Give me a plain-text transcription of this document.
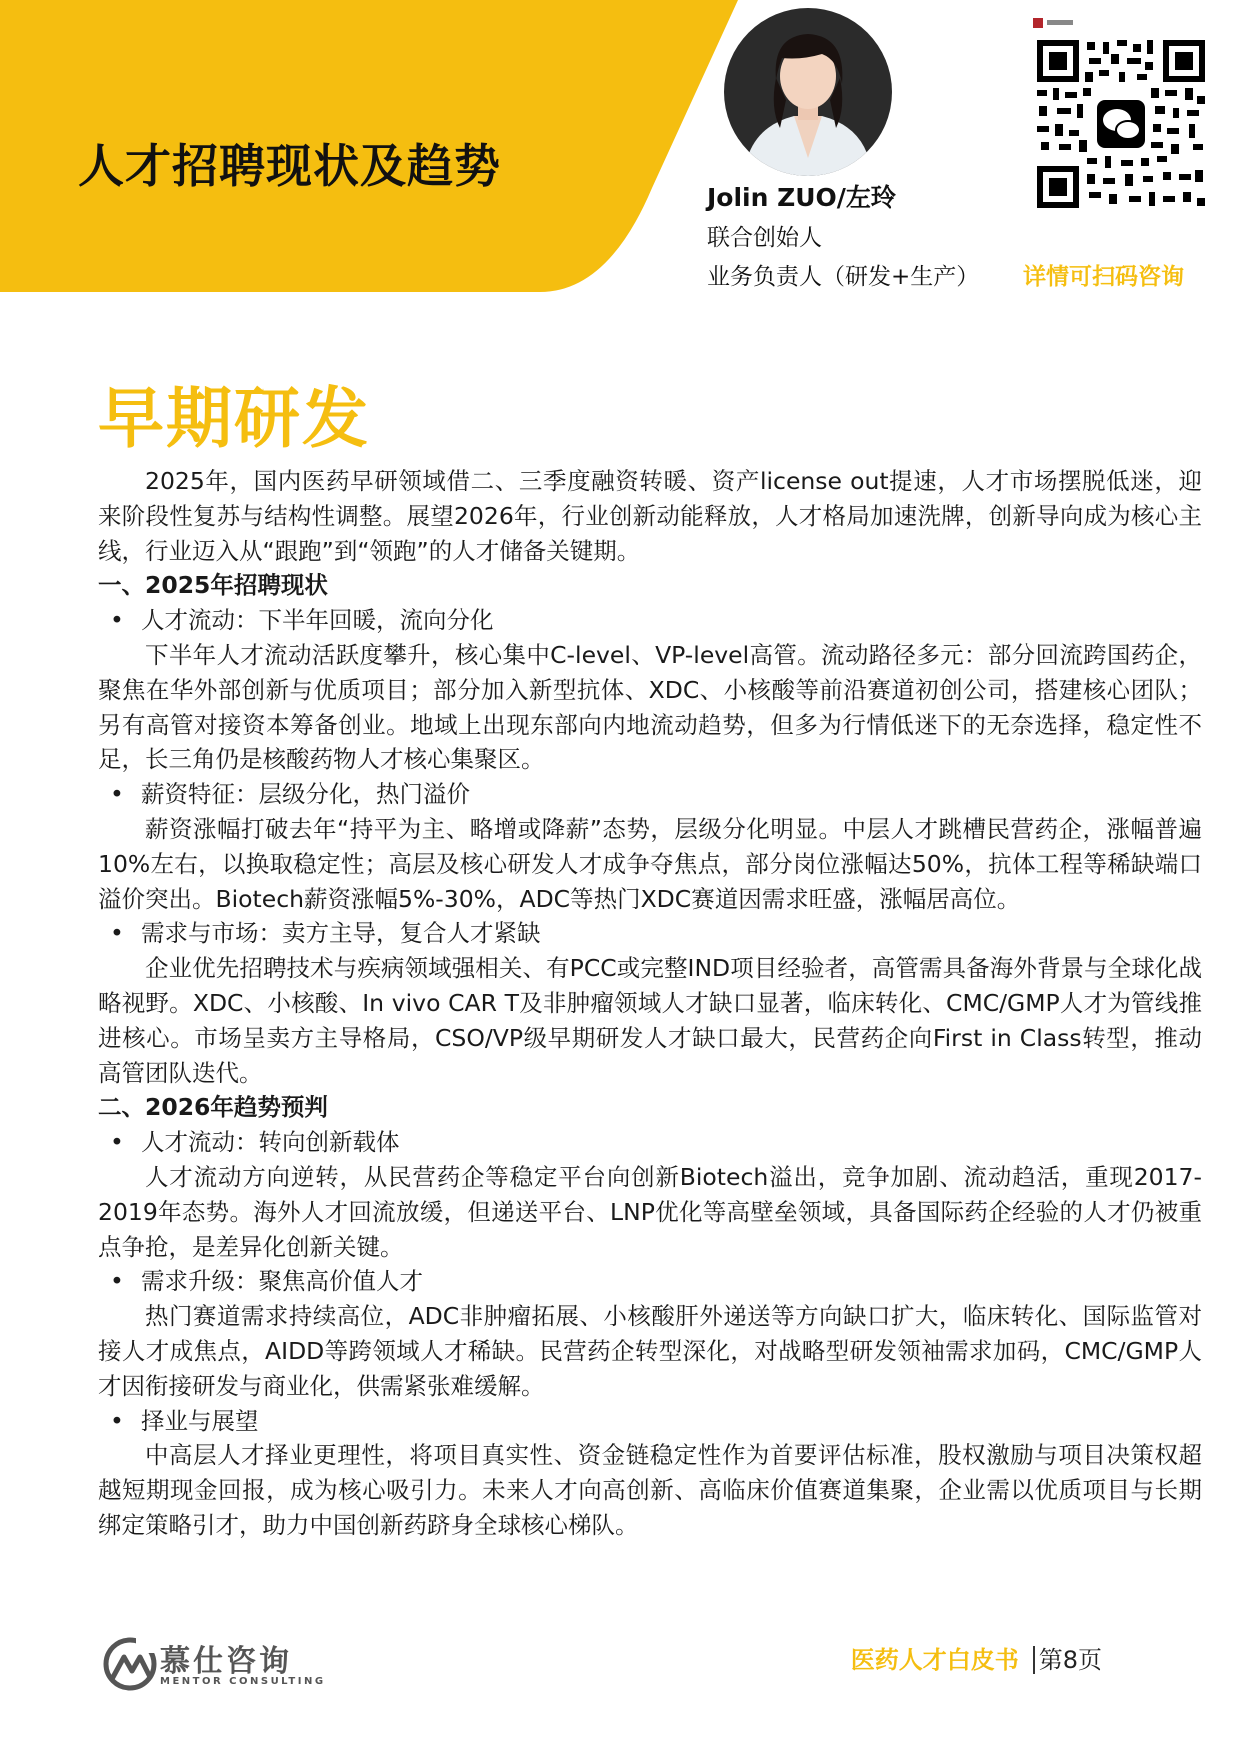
人才招聘现状及趋势
Jolin ZUO/左玲
联合创始人
业务负责人（研发+生产） 详情可扫码咨询
早期研发

2025年，国内医药早研领域借二、三季度融资转暖、资产license out提速，人才市场摆脱低迷，迎来阶段性复苏与结构性调整。展望2026年，行业创新动能释放，人才格局加速洗牌，创新导向成为核心主线，行业迈入从“跟跑”到“领跑”的人才储备关键期。

一、2025年招聘现状

• 人才流动：下半年回暖，流向分化

下半年人才流动活跃度攀升，核心集中C-level、VP-level高管。流动路径多元：部分回流跨国药企，聚焦在华外部创新与优质项目；部分加入新型抗体、XDC、小核酸等前沿赛道初创公司，搭建核心团队；另有高管对接资本筹备创业。地域上出现东部向内地流动趋势，但多为行情低迷下的无奈选择，稳定性不足，长三角仍是核酸药物人才核心集聚区。

• 薪资特征：层级分化，热门溢价

薪资涨幅打破去年“持平为主、略增或降薪”态势，层级分化明显。中层人才跳槽民营药企，涨幅普遍10%左右，以换取稳定性；高层及核心研发人才成争夺焦点，部分岗位涨幅达50%，抗体工程等稀缺端口溢价突出。Biotech薪资涨幅5%-30%，ADC等热门XDC赛道因需求旺盛，涨幅居高位。

• 需求与市场：卖方主导，复合人才紧缺

企业优先招聘技术与疾病领域强相关、有PCC或完整IND项目经验者，高管需具备海外背景与全球化战略视野。XDC、小核酸、In vivo CAR T及非肿瘤领域人才缺口显著，临床转化、CMC/GMP人才为管线推进核心。市场呈卖方主导格局，CSO/VP级早期研发人才缺口最大，民营药企向First in Class转型，推动高管团队迭代。

二、2026年趋势预判

• 人才流动：转向创新载体

人才流动方向逆转，从民营药企等稳定平台向创新Biotech溢出，竞争加剧、流动趋活，重现2017-2019年态势。海外人才回流放缓，但递送平台、LNP优化等高壁垒领域，具备国际药企经验的人才仍被重点争抢，是差异化创新关键。

• 需求升级：聚焦高价值人才

热门赛道需求持续高位，ADC非肿瘤拓展、小核酸肝外递送等方向缺口扩大，临床转化、国际监管对接人才成焦点，AIDD等跨领域人才稀缺。民营药企转型深化，对战略型研发领袖需求加码，CMC/GMP人才因衔接研发与商业化，供需紧张难缓解。

• 择业与展望

中高层人才择业更理性，将项目真实性、资金链稳定性作为首要评估标准，股权激励与项目决策权超越短期现金回报，成为核心吸引力。未来人才向高创新、高临床价值赛道集聚，企业需以优质项目与长期绑定策略引才，助力中国创新药跻身全球核心梯队。

慕仕咨询
MENTOR CONSULTING
医药人才白皮书 第8页
